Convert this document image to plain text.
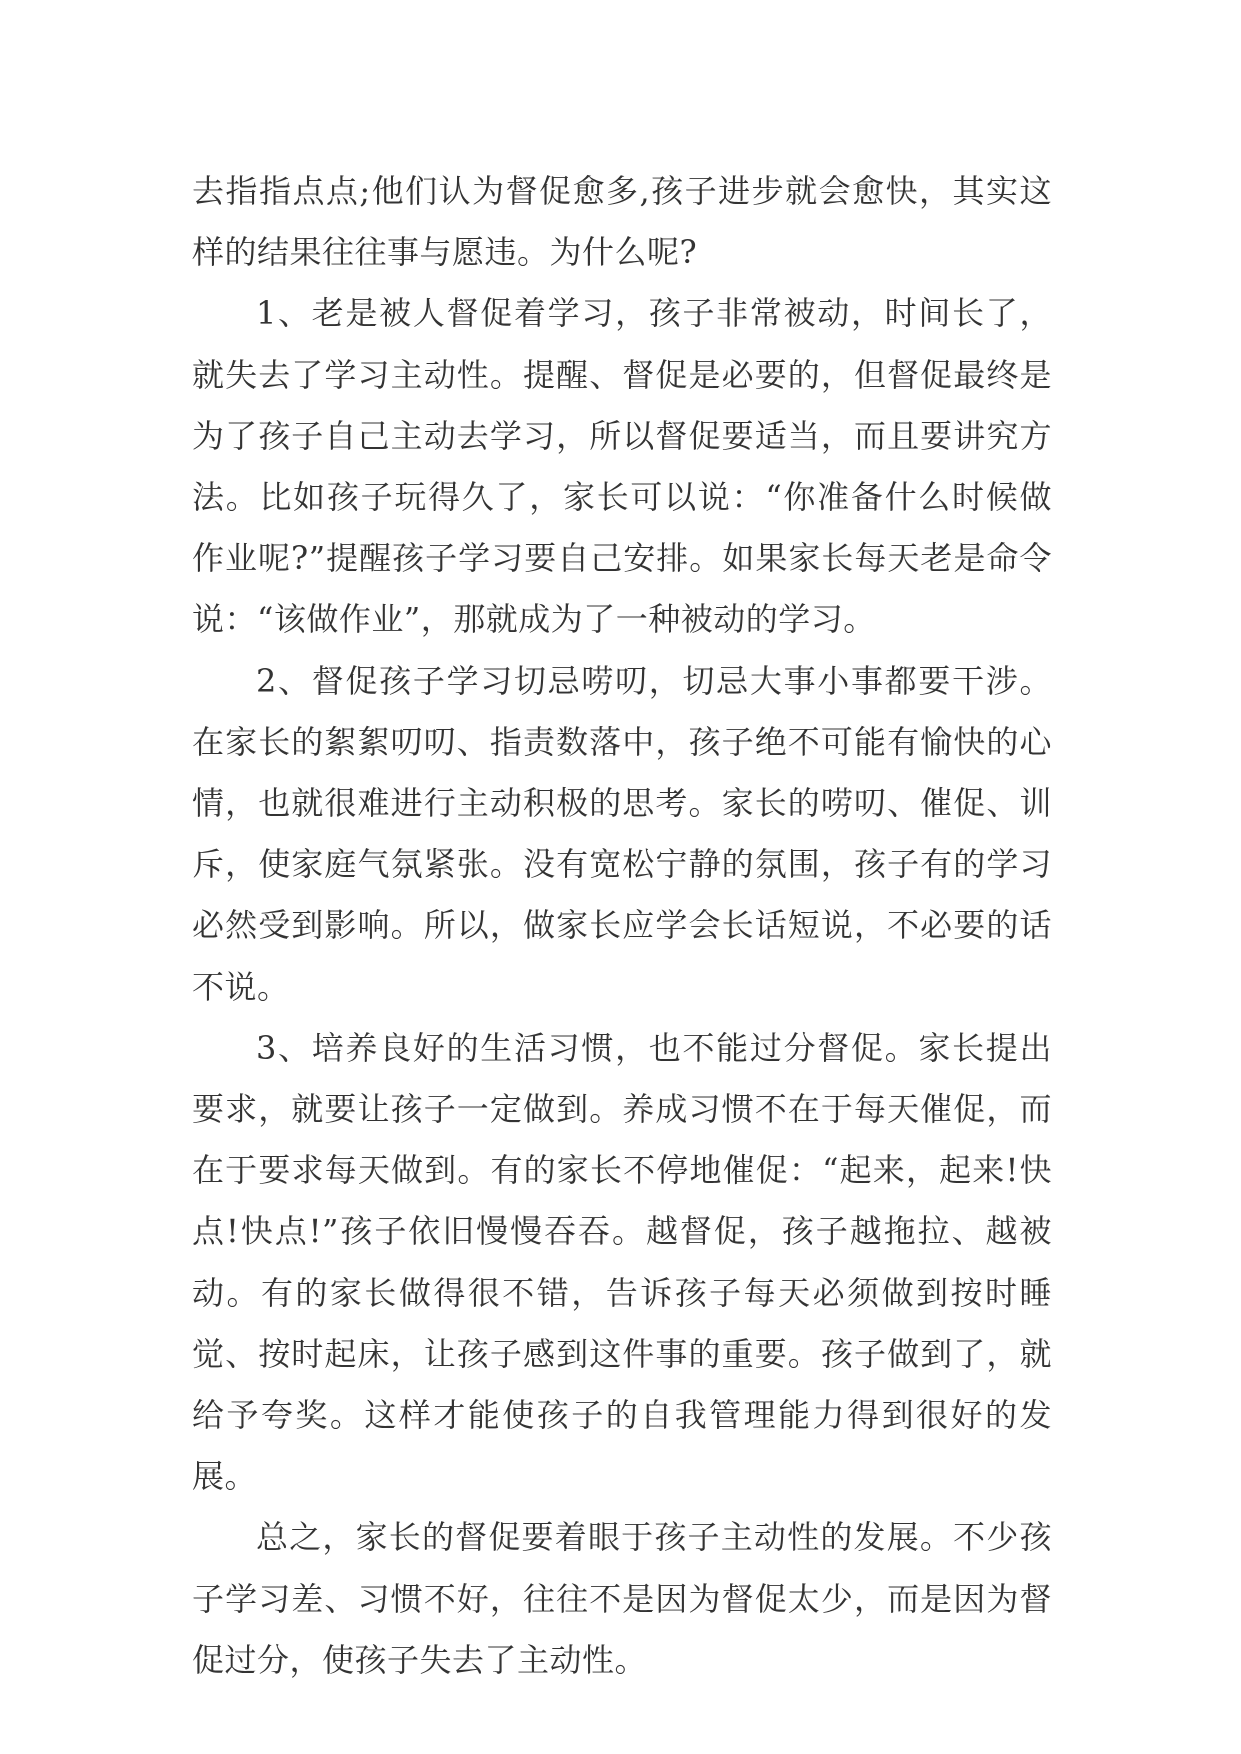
去指指点点;他们认为督促愈多,孩子进步就会愈快，其实这样的结果往往事与愿违。为什么呢?

1、老是被人督促着学习，孩子非常被动，时间长了，就失去了学习主动性。提醒、督促是必要的，但督促最终是为了孩子自己主动去学习，所以督促要适当，而且要讲究方法。比如孩子玩得久了，家长可以说：“你准备什么时候做作业呢?”提醒孩子学习要自己安排。如果家长每天老是命令说：“该做作业”，那就成为了一种被动的学习。

2、督促孩子学习切忌唠叨，切忌大事小事都要干涉。在家长的絮絮叨叨、指责数落中，孩子绝不可能有愉快的心情，也就很难进行主动积极的思考。家长的唠叨、催促、训斥，使家庭气氛紧张。没有宽松宁静的氛围，孩子有的学习必然受到影响。所以，做家长应学会长话短说，不必要的话不说。

3、培养良好的生活习惯，也不能过分督促。家长提出要求，就要让孩子一定做到。养成习惯不在于每天催促，而在于要求每天做到。有的家长不停地催促：“起来，起来!快点!快点!”孩子依旧慢慢吞吞。越督促，孩子越拖拉、越被动。有的家长做得很不错，告诉孩子每天必须做到按时睡觉、按时起床，让孩子感到这件事的重要。孩子做到了，就给予夸奖。这样才能使孩子的自我管理能力得到很好的发展。

总之，家长的督促要着眼于孩子主动性的发展。不少孩子学习差、习惯不好，往往不是因为督促太少，而是因为督促过分，使孩子失去了主动性。
